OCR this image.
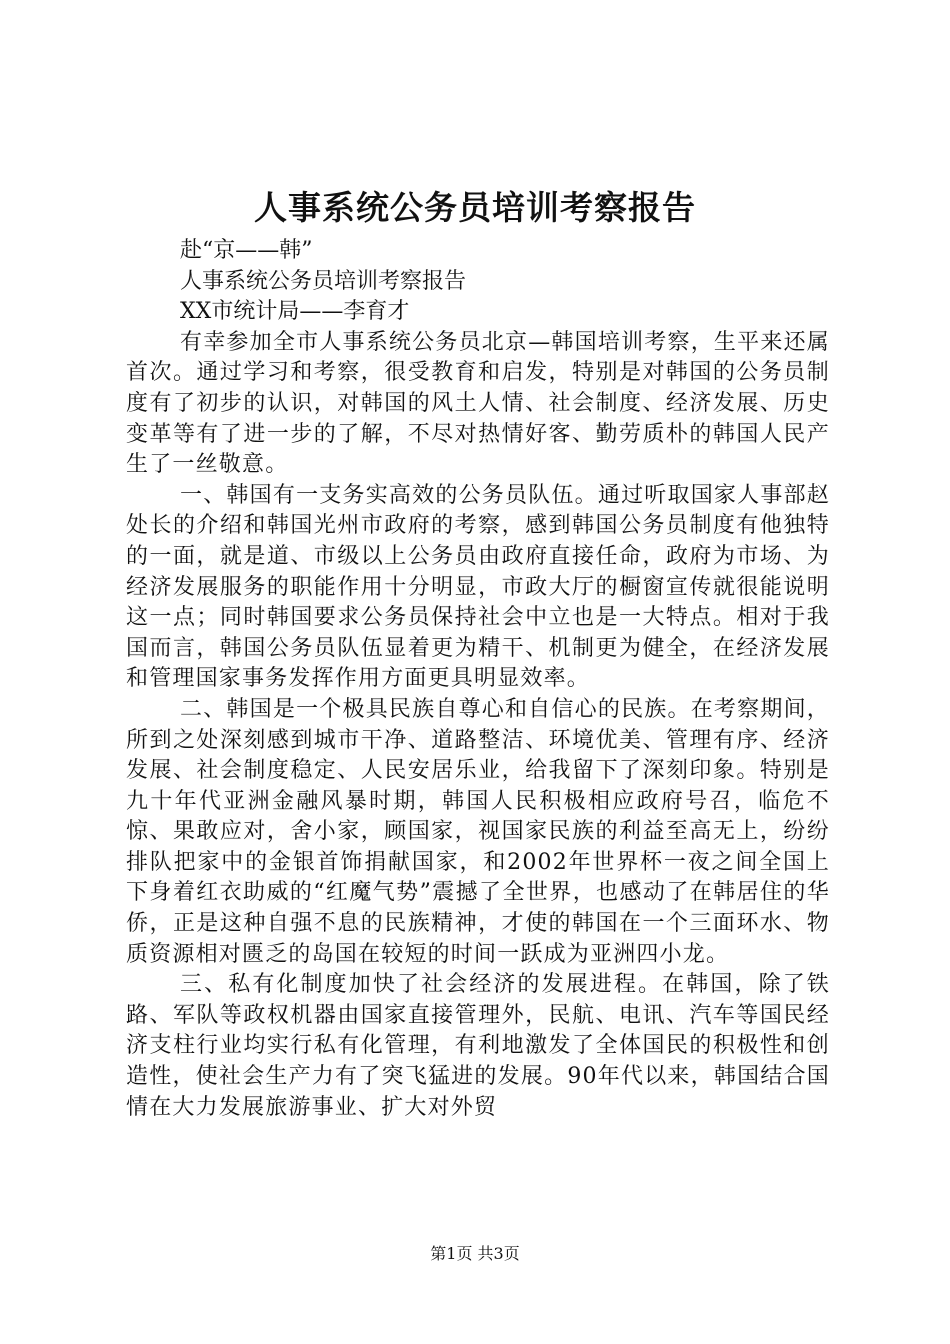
人事系统公务员培训考察报告

赴“京——韩”

人事系统公务员培训考察报告

XX市统计局——李育才

有幸参加全市人事系统公务员北京—韩国培训考察，生平来还属首次。通过学习和考察，很受教育和启发，特别是对韩国的公务员制度有了初步的认识，对韩国的风土人情、社会制度、经济发展、历史变革等有了进一步的了解，不尽对热情好客、勤劳质朴的韩国人民产生了一丝敬意。

一、韩国有一支务实高效的公务员队伍。通过听取国家人事部赵处长的介绍和韩国光州市政府的考察，感到韩国公务员制度有他独特的一面，就是道、市级以上公务员由政府直接任命，政府为市场、为经济发展服务的职能作用十分明显，市政大厅的橱窗宣传就很能说明这一点；同时韩国要求公务员保持社会中立也是一大特点。相对于我国而言，韩国公务员队伍显着更为精干、机制更为健全，在经济发展和管理国家事务发挥作用方面更具明显效率。

二、韩国是一个极具民族自尊心和自信心的民族。在考察期间，所到之处深刻感到城市干净、道路整洁、环境优美、管理有序、经济发展、社会制度稳定、人民安居乐业，给我留下了深刻印象。特别是九十年代亚洲金融风暴时期，韩国人民积极相应政府号召，临危不惊、果敢应对，舍小家，顾国家，视国家民族的利益至高无上，纷纷排队把家中的金银首饰捐献国家，和2002年世界杯一夜之间全国上下身着红衣助威的“红魔气势”震撼了全世界，也感动了在韩居住的华侨，正是这种自强不息的民族精神，才使的韩国在一个三面环水、物质资源相对匮乏的岛国在较短的时间一跃成为亚洲四小龙。

三、私有化制度加快了社会经济的发展进程。在韩国，除了铁路、军队等政权机器由国家直接管理外，民航、电讯、汽车等国民经济支柱行业均实行私有化管理，有利地激发了全体国民的积极性和创造性，使社会生产力有了突飞猛进的发展。90年代以来，韩国结合国情在大力发展旅游事业、扩大对外贸

第1页 共3页
